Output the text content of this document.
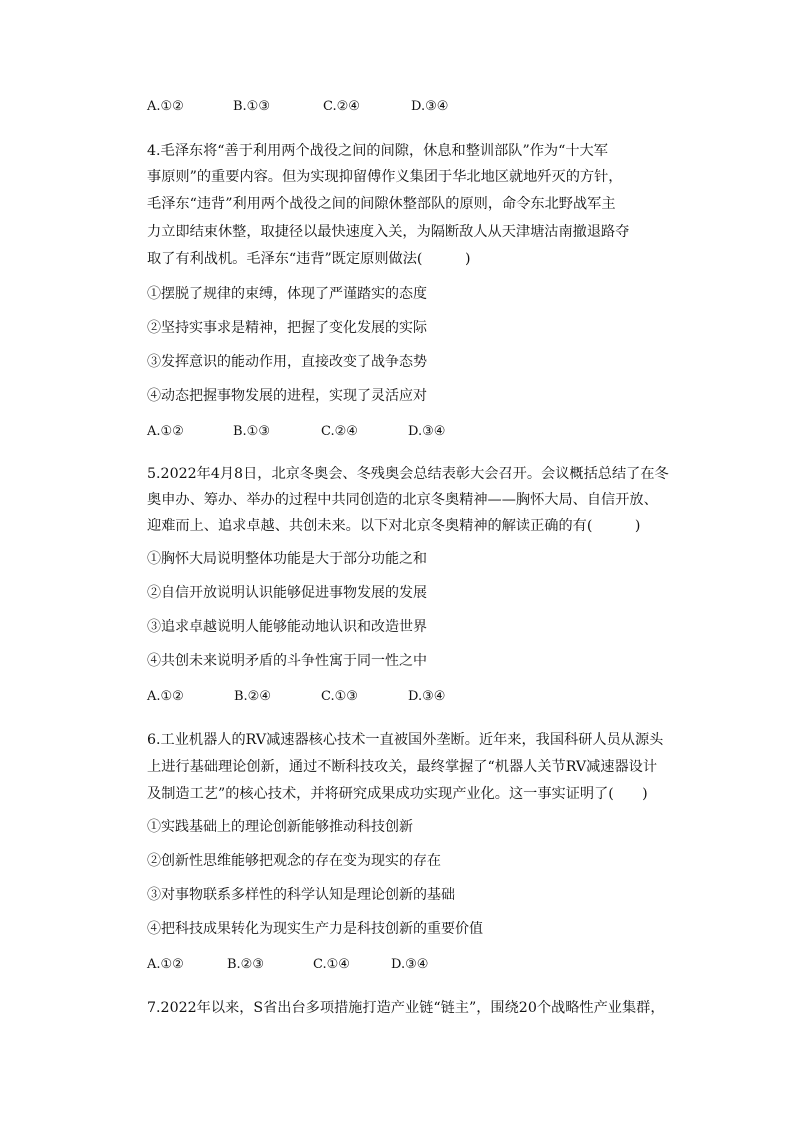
A.①②	B.①③	C.②④	D.③④
4.毛泽东将“善于利用两个战役之间的间隙，休息和整训部队”作为“十大军
事原则”的重要内容。但为实现抑留傅作义集团于华北地区就地歼灭的方针，
毛泽东“违背”利用两个战役之间的间隙休整部队的原则，命令东北野战军主
力立即结束休整，取捷径以最快速度入关，为隔断敌人从天津塘沽南撤退路夺
取了有利战机。毛泽东“违背”既定原则做法(　　　)
①摆脱了规律的束缚，体现了严谨踏实的态度
②坚持实事求是精神，把握了变化发展的实际
③发挥意识的能动作用，直接改变了战争态势
④动态把握事物发展的进程，实现了灵活应对
A.①②	B.①③	C.②④	D.③④
5.2022年4月8日，北京冬奥会、冬残奥会总结表彰大会召开。会议概括总结了在冬
奥申办、筹办、举办的过程中共同创造的北京冬奥精神——胸怀大局、自信开放、
迎难而上、追求卓越、共创未来。以下对北京冬奥精神的解读正确的有(　　　)
①胸怀大局说明整体功能是大于部分功能之和
②自信开放说明认识能够促进事物发展的发展
③追求卓越说明人能够能动地认识和改造世界
④共创未来说明矛盾的斗争性寓于同一性之中
A.①②	B.②④	C.①③	D.③④
6.工业机器人的RV减速器核心技术一直被国外垄断。近年来，我国科研人员从源头
上进行基础理论创新，通过不断科技攻关，最终掌握了“机器人关节RV减速器设计
及制造工艺”的核心技术，并将研究成果成功实现产业化。这一事实证明了(　　)
①实践基础上的理论创新能够推动科技创新
②创新性思维能够把观念的存在变为现实的存在
③对事物联系多样性的科学认知是理论创新的基础
④把科技成果转化为现实生产力是科技创新的重要价值
A.①②	B.②③	C.①④	D.③④
7.2022年以来，S省出台多项措施打造产业链“链主”，围绕20个战略性产业集群，
